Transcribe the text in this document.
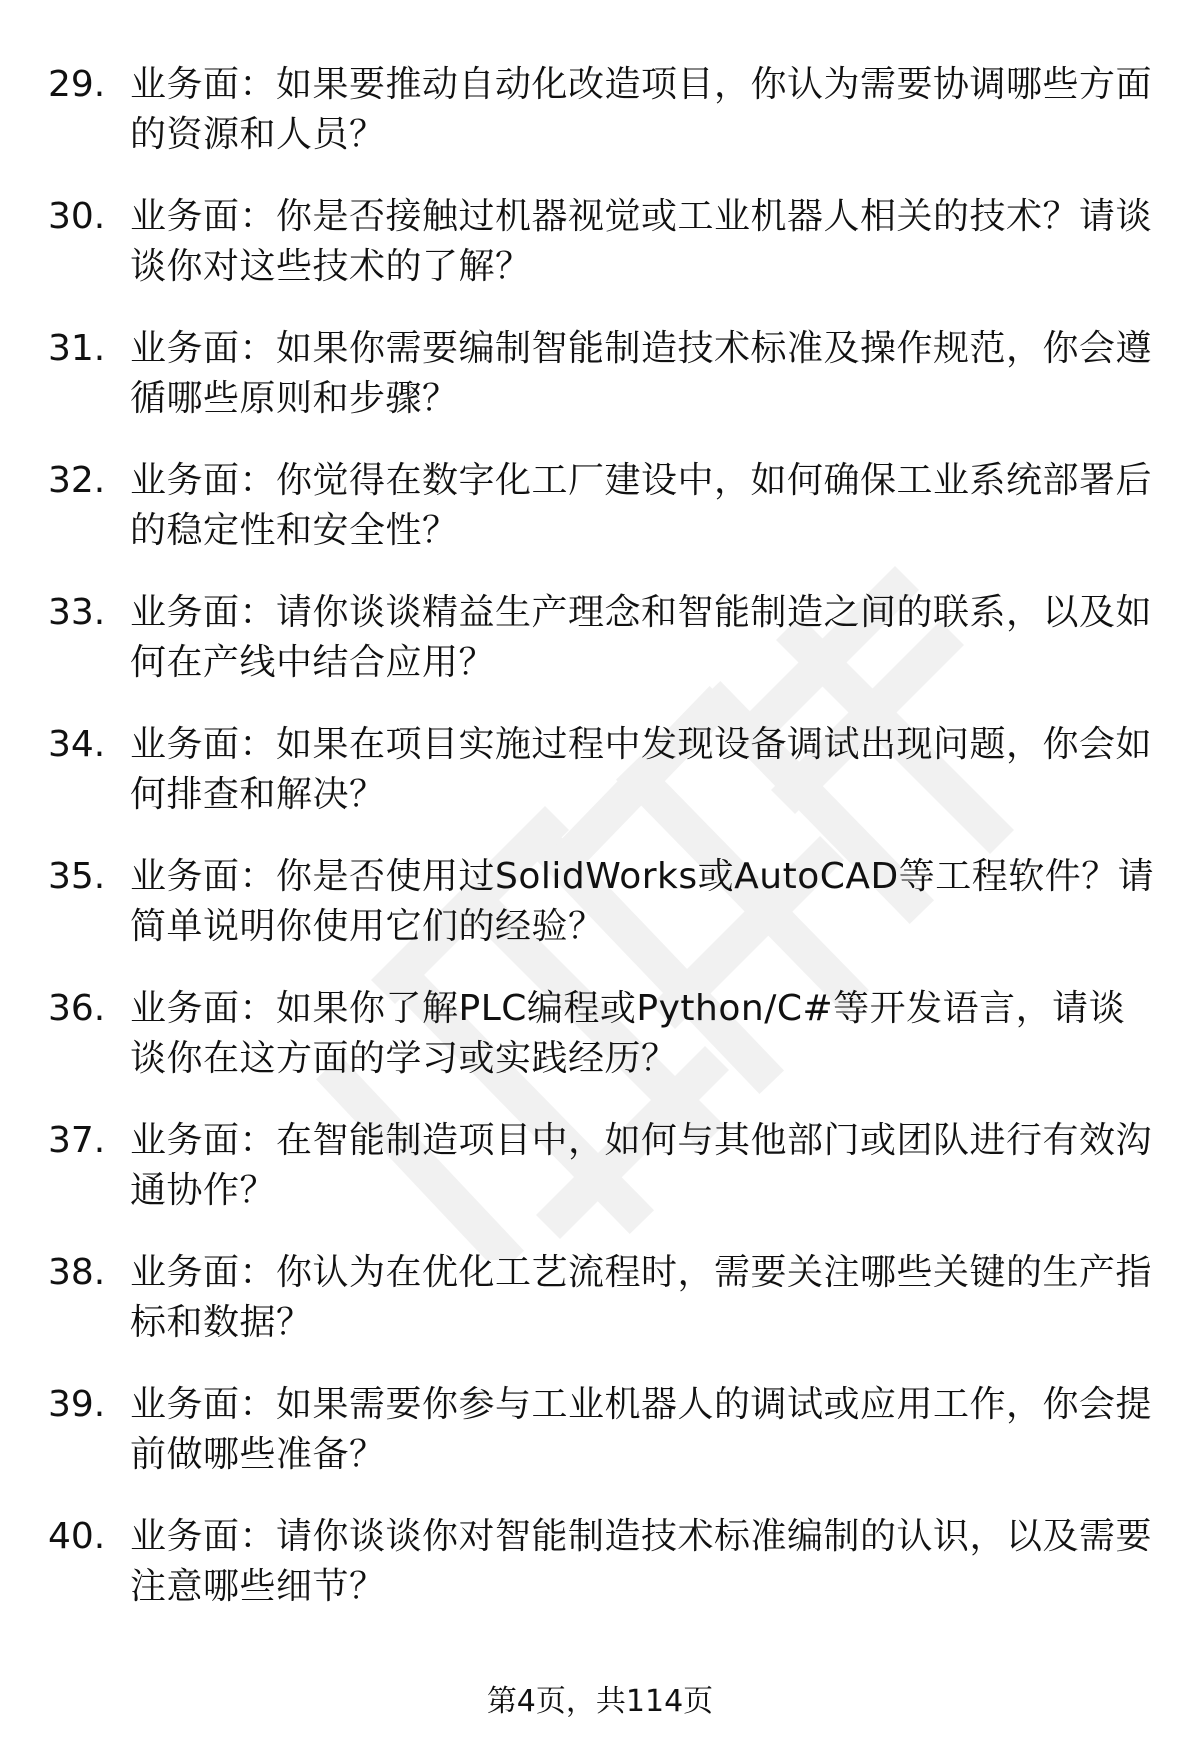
29. 业务面：如果要推动自动化改造项目，你认为需要协调哪些方面的资源和人员？
30. 业务面：你是否接触过机器视觉或工业机器人相关的技术？请谈谈你对这些技术的了解？
31. 业务面：如果你需要编制智能制造技术标准及操作规范，你会遵循哪些原则和步骤？
32. 业务面：你觉得在数字化工厂建设中，如何确保工业系统部署后的稳定性和安全性？
33. 业务面：请你谈谈精益生产理念和智能制造之间的联系，以及如何在产线中结合应用？
34. 业务面：如果在项目实施过程中发现设备调试出现问题，你会如何排查和解决？
35. 业务面：你是否使用过SolidWorks或AutoCAD等工程软件？请简单说明你使用它们的经验？
36. 业务面：如果你了解PLC编程或Python/C#等开发语言，请谈谈你在这方面的学习或实践经历？
37. 业务面：在智能制造项目中，如何与其他部门或团队进行有效沟通协作？
38. 业务面：你认为在优化工艺流程时，需要关注哪些关键的生产指标和数据？
39. 业务面：如果需要你参与工业机器人的调试或应用工作，你会提前做哪些准备？
40. 业务面：请你谈谈你对智能制造技术标准编制的认识，以及需要注意哪些细节？
第4页，共114页
